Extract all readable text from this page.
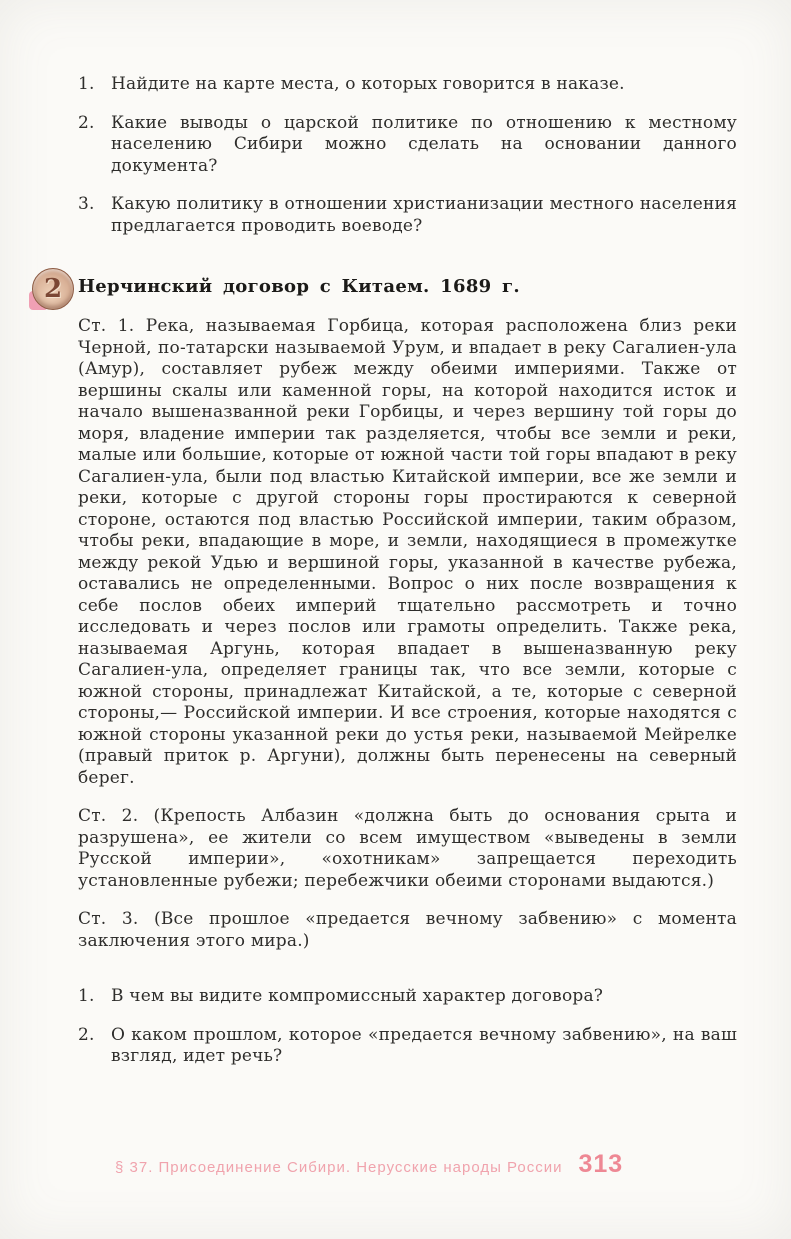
1. Найдите на карте места, о которых говорится в наказе.
2. Какие выводы о царской политике по отношению к местному населению Сибири можно сделать на основании данного документа?
3. Какую политику в отношении христианизации местного населения предлагается проводить воеводе?
2 Нерчинский договор с Китаем. 1689 г.

Ст. 1. Река, называемая Горбица, которая расположена близ реки Черной, по-татарски называемой Урум, и впадает в реку Сагалиен-ула (Амур), составляет рубеж между обеими империями. Также от вершины скалы или каменной горы, на которой находится исток и начало вышеназванной реки Горбицы, и через вершину той горы до моря, владение империи так разделяется, чтобы все земли и реки, малые или большие, которые от южной части той горы впадают в реку Сагалиен-ула, были под властью Китайской империи, все же земли и реки, которые с другой стороны горы простираются к северной стороне, остаются под властью Российской империи, таким образом, чтобы реки, впадающие в море, и земли, находящиеся в промежутке между рекой Удью и вершиной горы, указанной в качестве рубежа, оставались не определенными. Вопрос о них после возвращения к себе послов обеих империй тщательно рассмотреть и точно исследовать и через послов или грамоты определить. Также река, называемая Аргунь, которая впадает в вышеназванную реку Сагалиен-ула, определяет границы так, что все земли, которые с южной стороны, принадлежат Китайской, а те, которые с северной стороны,— Российской империи. И все строения, которые находятся с южной стороны указанной реки до устья реки, называемой Мейрелке (правый приток р. Аргуни), должны быть перенесены на северный берег.

Ст. 2. (Крепость Албазин «должна быть до основания срыта и разрушена», ее жители со всем имуществом «выведены в земли Русской империи», «охотникам» запрещается переходить установленные рубежи; перебежчики обеими сторонами выдаются.)

Ст. 3. (Все прошлое «предается вечному забвению» с момента заключения этого мира.)

1. В чем вы видите компромиссный характер договора?
2. О каком прошлом, которое «предается вечному забвению», на ваш взгляд, идет речь?
§ 37. Присоединение Сибири. Нерусские народы России 313
